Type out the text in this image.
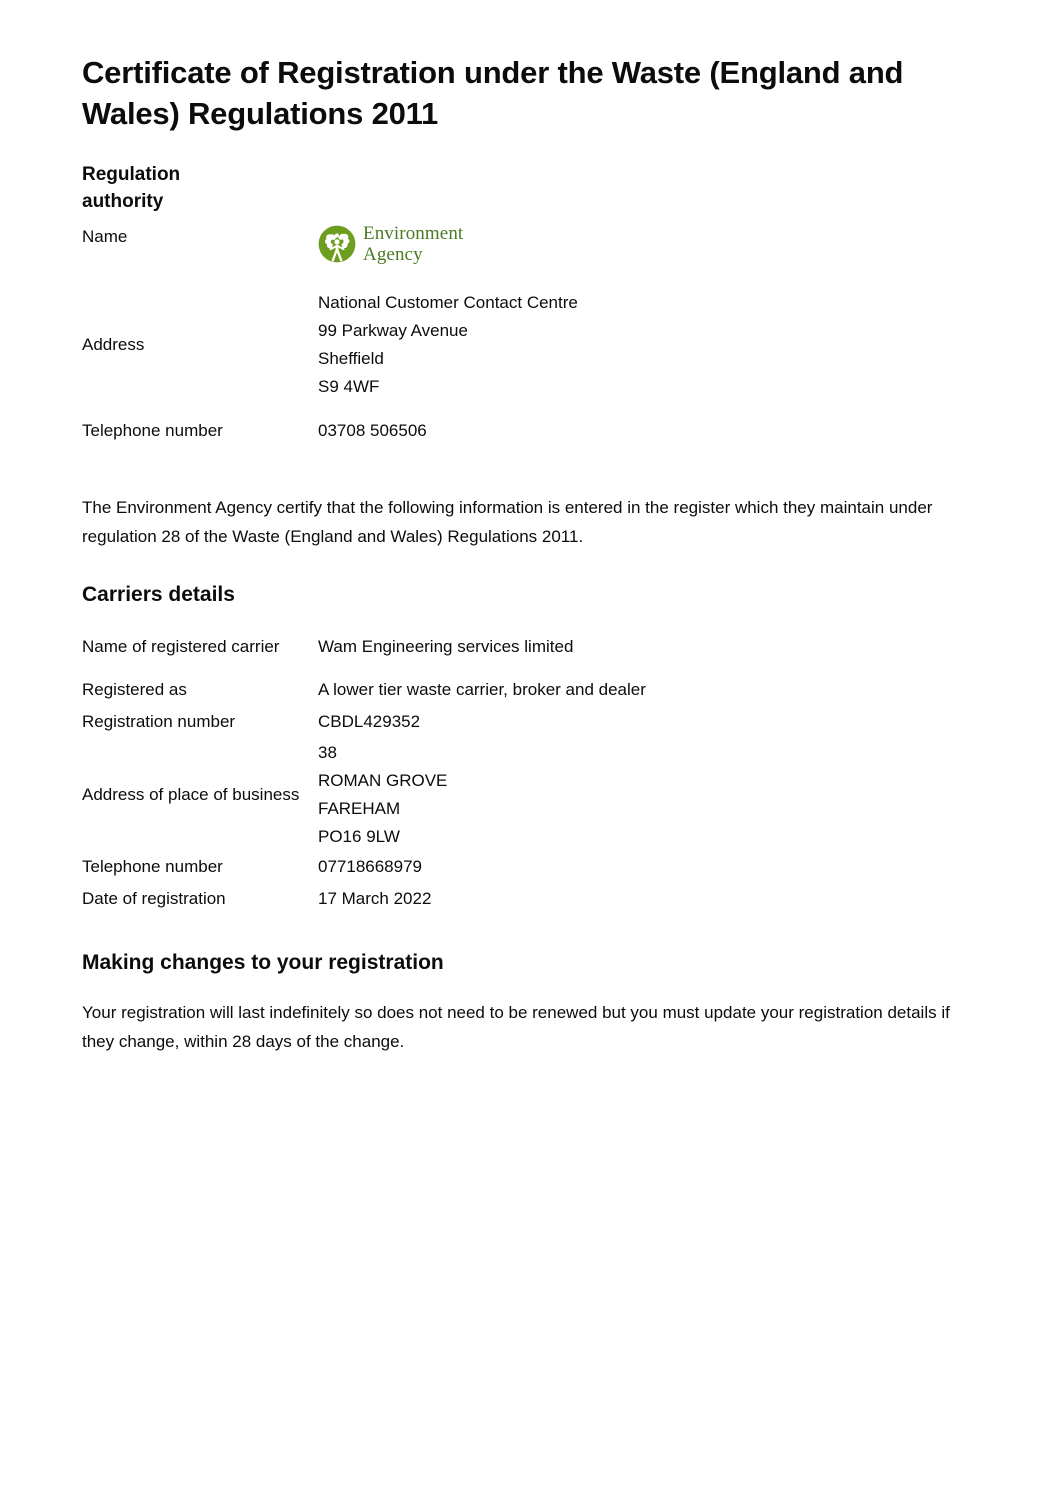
Certificate of Registration under the Waste (England and Wales) Regulations 2011
Regulation authority
Name	Environment
Agency

Address	National Customer Contact Centre
99 Parkway Avenue
Sheffield
S9 4WF

Telephone number	03708 506506

The Environment Agency certify that the following information is entered in the register which they maintain under regulation 28 of the Waste (England and Wales) Regulations 2011.

Carriers details
Name of registered carrier	Wam Engineering services limited
Registered as	A lower tier waste carrier, broker and dealer
Registration number	CBDL429352
Address of place of business	38
ROMAN GROVE
FAREHAM
PO16 9LW

Telephone number	07718668979
Date of registration	17 March 2022
Making changes to your registration

Your registration will last indefinitely so does not need to be renewed but you must update your registration details if they change, within 28 days of the change.
